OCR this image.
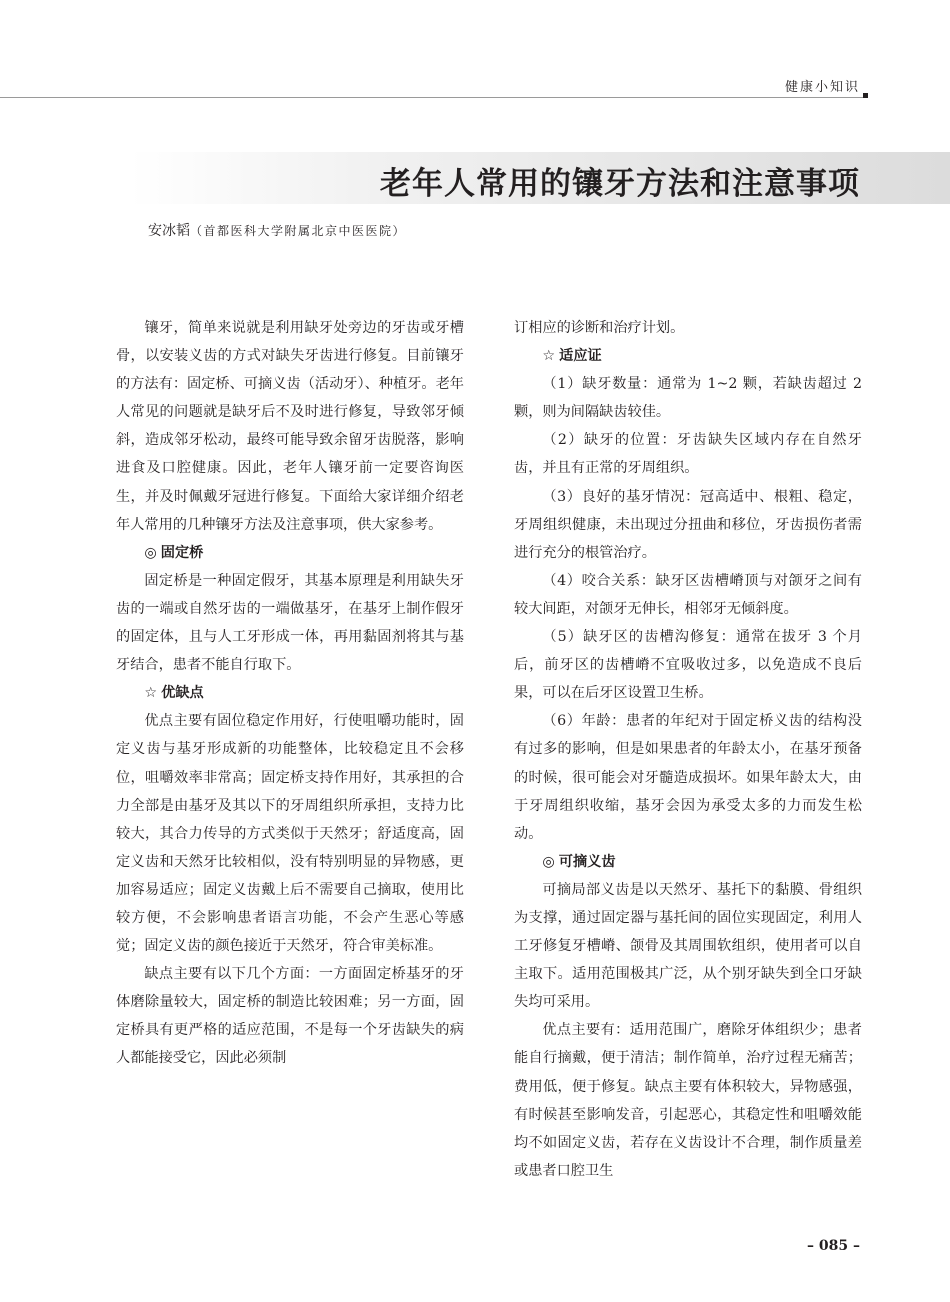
健康小知识
老年人常用的镶牙方法和注意事项
安冰韬（首都医科大学附属北京中医医院）

镶牙，简单来说就是利用缺牙处旁边的牙齿或牙槽骨，以安装义齿的方式对缺失牙齿进行修复。目前镶牙的方法有：固定桥、可摘义齿（活动牙）、种植牙。老年人常见的问题就是缺牙后不及时进行修复，导致邻牙倾斜，造成邻牙松动，最终可能导致余留牙齿脱落，影响进食及口腔健康。因此，老年人镶牙前一定要咨询医生，并及时佩戴牙冠进行修复。下面给大家详细介绍老年人常用的几种镶牙方法及注意事项，供大家参考。

◎ 固定桥

固定桥是一种固定假牙，其基本原理是利用缺失牙齿的一端或自然牙齿的一端做基牙，在基牙上制作假牙的固定体，且与人工牙形成一体，再用黏固剂将其与基牙结合，患者不能自行取下。

☆ 优缺点

优点主要有固位稳定作用好，行使咀嚼功能时，固定义齿与基牙形成新的功能整体，比较稳定且不会移位，咀嚼效率非常高；固定桥支持作用好，其承担的合力全部是由基牙及其以下的牙周组织所承担，支持力比较大，其合力传导的方式类似于天然牙；舒适度高，固定义齿和天然牙比较相似，没有特别明显的异物感，更加容易适应；固定义齿戴上后不需要自己摘取，使用比较方便，不会影响患者语言功能，不会产生恶心等感觉；固定义齿的颜色接近于天然牙，符合审美标准。

缺点主要有以下几个方面：一方面固定桥基牙的牙体磨除量较大，固定桥的制造比较困难；另一方面，固定桥具有更严格的适应范围，不是每一个牙齿缺失的病人都能接受它，因此必须制

订相应的诊断和治疗计划。

☆ 适应证

（1）缺牙数量：通常为 1~2 颗，若缺齿超过 2 颗，则为间隔缺齿较佳。

（2）缺牙的位置：牙齿缺失区域内存在自然牙齿，并且有正常的牙周组织。

（3）良好的基牙情况：冠高适中、根粗、稳定，牙周组织健康，未出现过分扭曲和移位，牙齿损伤者需进行充分的根管治疗。

（4）咬合关系：缺牙区齿槽嵴顶与对颌牙之间有较大间距，对颌牙无伸长，相邻牙无倾斜度。

（5）缺牙区的齿槽沟修复：通常在拔牙 3 个月后，前牙区的齿槽嵴不宜吸收过多，以免造成不良后果，可以在后牙区设置卫生桥。

（6）年龄：患者的年纪对于固定桥义齿的结构没有过多的影响，但是如果患者的年龄太小，在基牙预备的时候，很可能会对牙髓造成损坏。如果年龄太大，由于牙周组织收缩，基牙会因为承受太多的力而发生松动。

◎ 可摘义齿

可摘局部义齿是以天然牙、基托下的黏膜、骨组织为支撑，通过固定器与基托间的固位实现固定，利用人工牙修复牙槽嵴、颌骨及其周围软组织，使用者可以自主取下。适用范围极其广泛，从个别牙缺失到全口牙缺失均可采用。

优点主要有：适用范围广，磨除牙体组织少；患者能自行摘戴，便于清洁；制作简单，治疗过程无痛苦；费用低，便于修复。缺点主要有体积较大，异物感强，有时候甚至影响发音，引起恶心，其稳定性和咀嚼效能均不如固定义齿，若存在义齿设计不合理，制作质量差或患者口腔卫生

– 085 –
